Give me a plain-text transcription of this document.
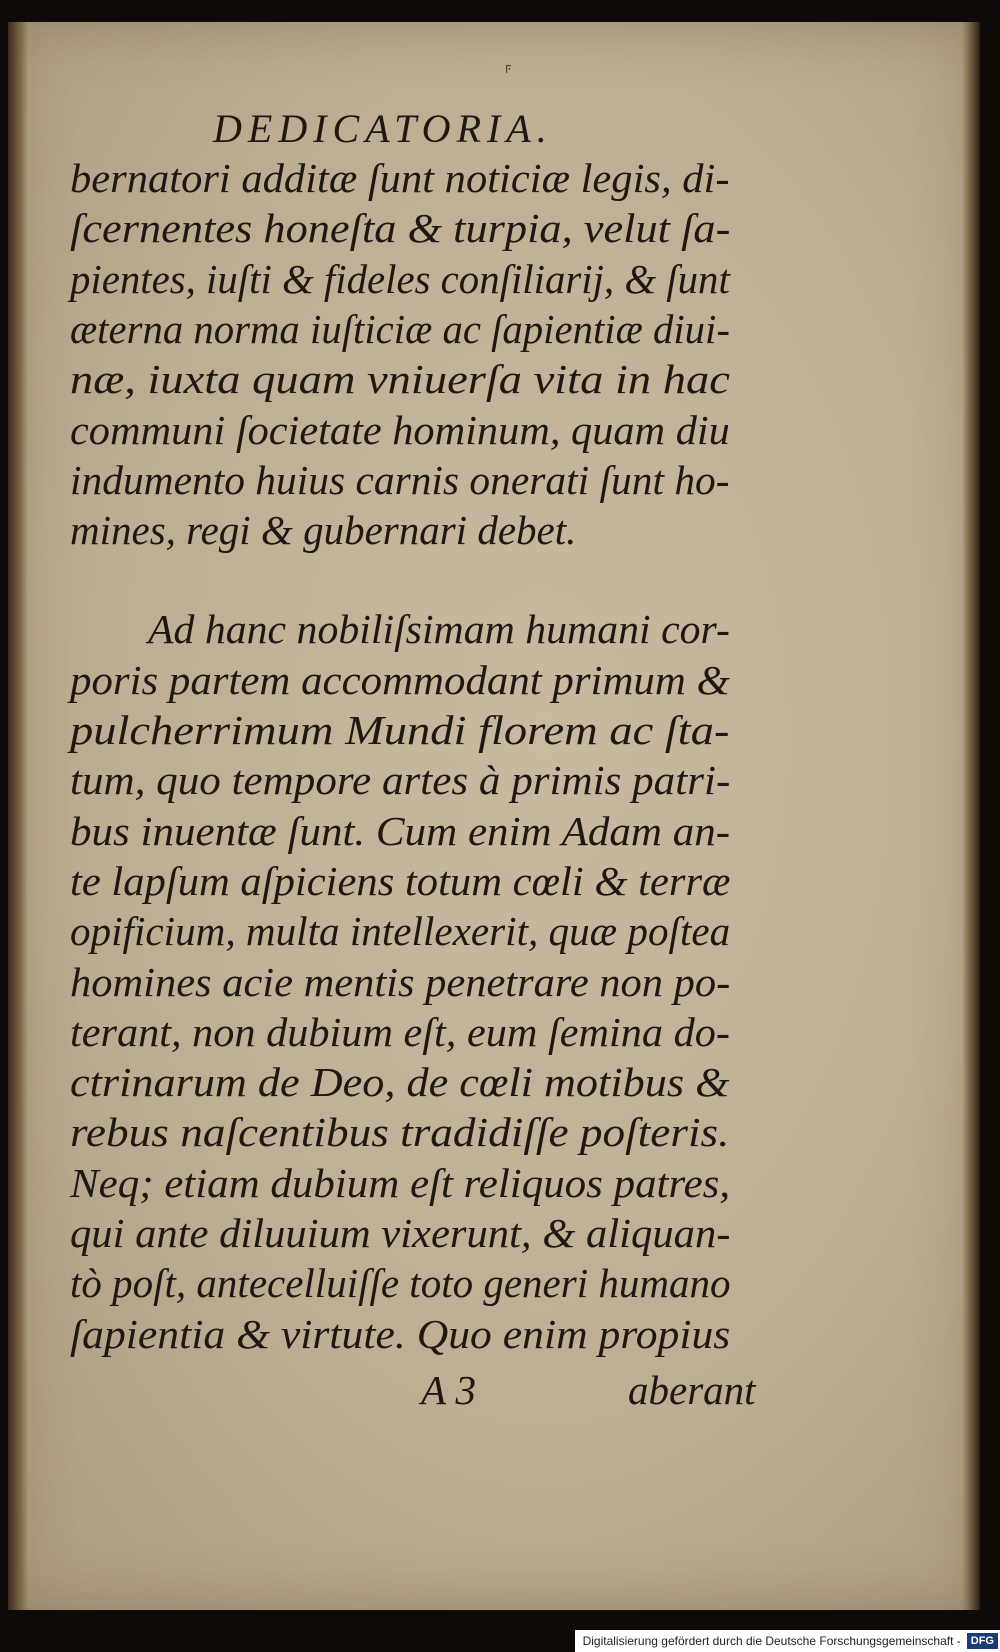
⸁
DEDICATORIA.
bernatori additæ ſunt noticiæ legis, di-
ſcernentes honeſta & turpia, velut ſa-
pientes, iuſti & fideles conſiliarij, & ſunt
æterna norma iuſticiæ ac ſapientiæ diui-
næ, iuxta quam vniuerſa vita in hac
communi ſocietate hominum, quam diu
indumento huius carnis onerati ſunt ho-
mines, regi & gubernari debet.
Ad hanc nobiliſsimam humani cor-
poris partem accommodant primum &
pulcherrimum Mundi florem ac ſta-
tum, quo tempore artes à primis patri-
bus inuentæ ſunt. Cum enim Adam an-
te lapſum aſpiciens totum cœli & terræ
opificium, multa intellexerit, quæ poſtea
homines acie mentis penetrare non po-
terant, non dubium eſt, eum ſemina do-
ctrinarum de Deo, de cœli motibus &
rebus naſcentibus tradidiſſe poſteris.
Neq; etiam dubium eſt reliquos patres,
qui ante diluuium vixerunt, & aliquan-
tò poſt, antecelluiſſe toto generi humano
ſapientia & virtute. Quo enim propius
A 3	aberant
Digitalisierung gefördert durch die Deutsche Forschungsgemeinschaft - DFG
